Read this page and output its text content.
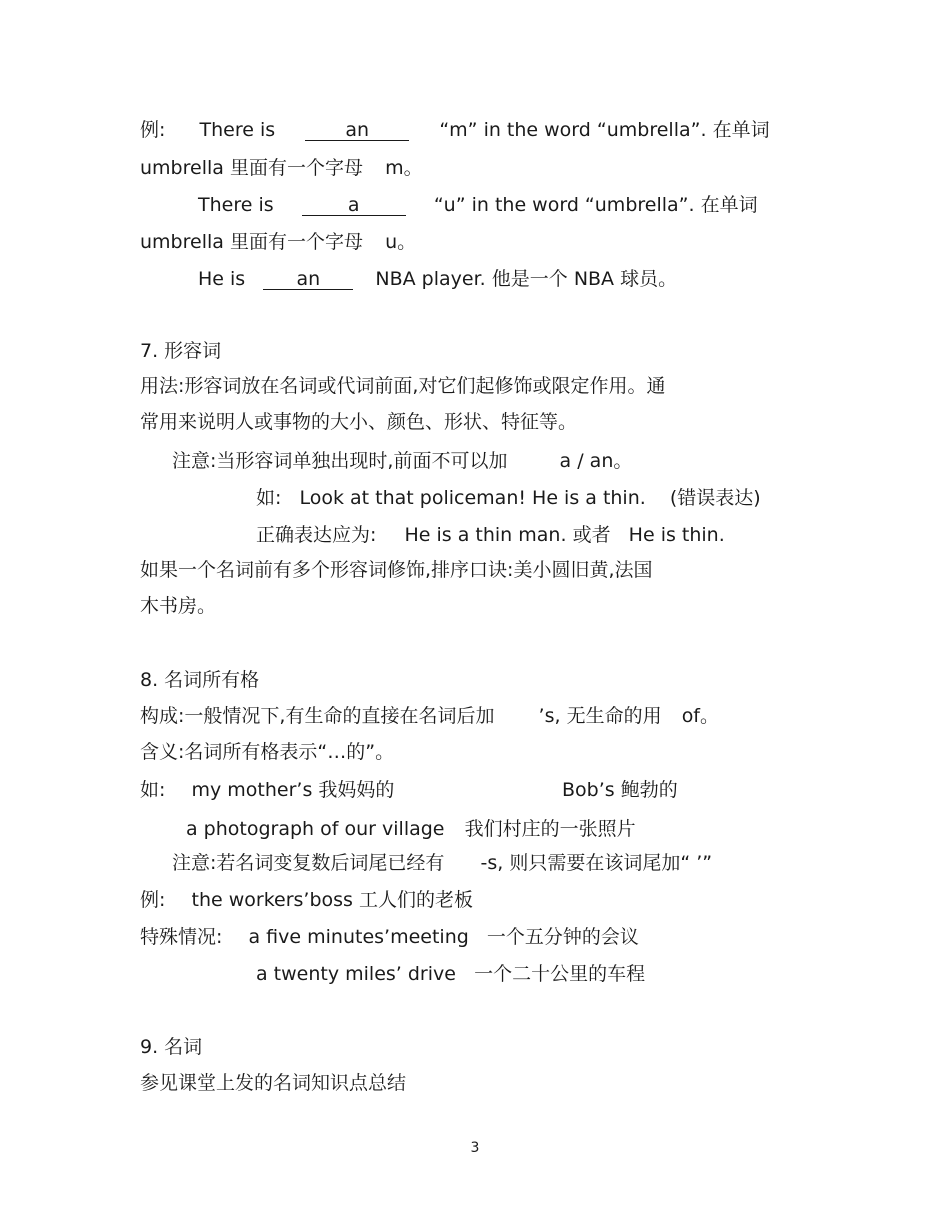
例: There is	an	“m” in the word “umbrella”. 在单词
umbrella 里面有一个字母 m。
There is	a	“u” in the word “umbrella”. 在单词
umbrella 里面有一个字母 u。
He is	an	NBA player. 他是一个 NBA 球员。
7. 形容词
用法:形容词放在名词或代词前面,对它们起修饰或限定作用。通
常用来说明人或事物的大小、颜色、形状、特征等。
注意:当形容词单独出现时,前面不可以加	a / an。
如: Look at that policeman! He is a thin. (错误表达)
正确表达应为: He is a thin man. 或者 He is thin.
如果一个名词前有多个形容词修饰,排序口诀:美小圆旧黄,法国
木书房。
8. 名词所有格
构成:一般情况下,有生命的直接在名词后加 ’s, 无生命的用 of。
含义:名词所有格表示“…的”。
如: my mother’s 我妈妈的	Bob’s 鲍勃的
a photograph of our village 我们村庄的一张照片
注意:若名词变复数后词尾已经有 -s, 则只需要在该词尾加“ ’”
例: the workers’boss 工人们的老板
特殊情况: a five minutes’meeting 一个五分钟的会议
a twenty miles’ drive 一个二十公里的车程
9. 名词
参见课堂上发的名词知识点总结
3
